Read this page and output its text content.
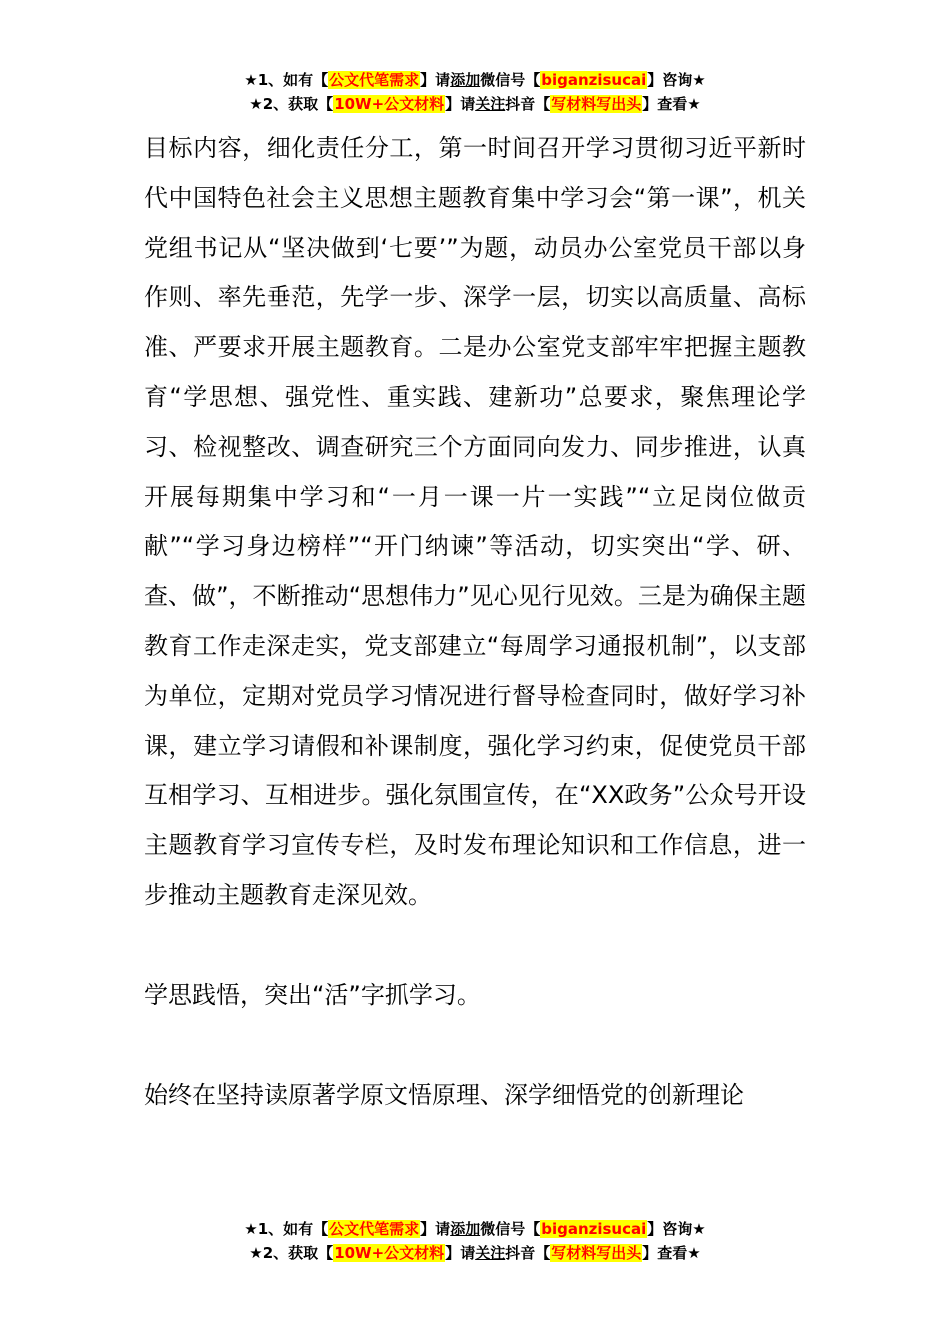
★1、如有【公文代笔需求】请添加微信号【biganzisucai】咨询★
★2、获取【10W+公文材料】请关注抖音【写材料写出头】查看★

目标内容，细化责任分工，第一时间召开学习贯彻习近平新时代中国特色社会主义思想主题教育集中学习会“第一课”，机关党组书记从“坚决做到‘七要’”为题，动员办公室党员干部以身作则、率先垂范，先学一步、深学一层，切实以高质量、高标准、严要求开展主题教育。二是办公室党支部牢牢把握主题教育“学思想、强党性、重实践、建新功”总要求，聚焦理论学习、检视整改、调查研究三个方面同向发力、同步推进，认真开展每期集中学习和“一月一课一片一实践”“立足岗位做贡献”“学习身边榜样”“开门纳谏”等活动，切实突出“学、研、查、做”，不断推动“思想伟力”见心见行见效。三是为确保主题教育工作走深走实，党支部建立“每周学习通报机制”，以支部为单位，定期对党员学习情况进行督导检查同时，做好学习补课，建立学习请假和补课制度，强化学习约束，促使党员干部互相学习、互相进步。强化氛围宣传，在“XX政务”公众号开设主题教育学习宣传专栏，及时发布理论知识和工作信息，进一步推动主题教育走深见效。

学思践悟，突出“活”字抓学习。

始终在坚持读原著学原文悟原理、深学细悟党的创新理论

★1、如有【公文代笔需求】请添加微信号【biganzisucai】咨询★
★2、获取【10W+公文材料】请关注抖音【写材料写出头】查看★
